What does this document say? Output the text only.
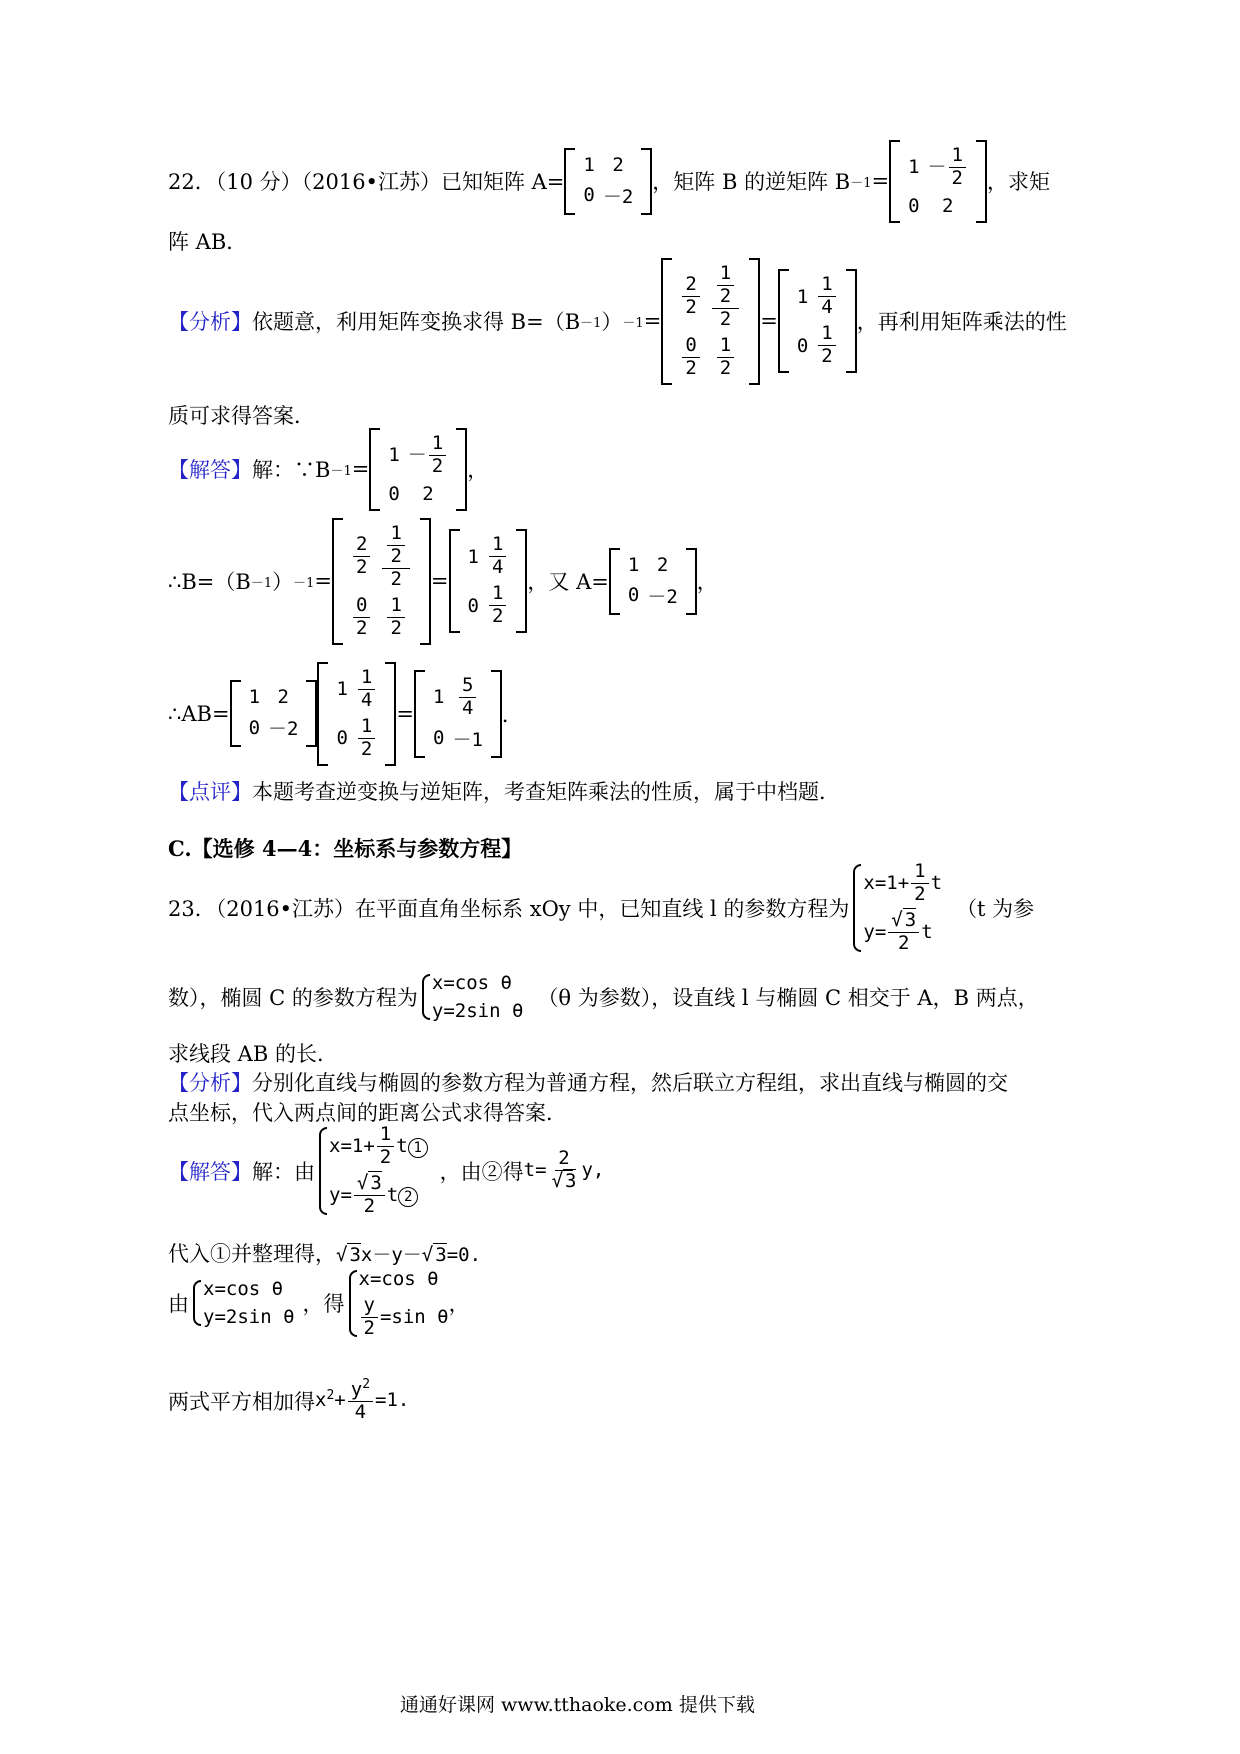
22．（10 分）（2016•江苏）已知矩阵 A=
1 2
0 －2
，矩阵 B 的逆矩阵 B －1 =
$1 - \frac{1}{2}$
0 2
，求矩
阵 AB．
【分析】 依题意，利用矩阵变换求得 B=（B －1 ） －1 =
$\frac{2}{2} \frac{\frac{1}{2}}{2}$
$\frac{0}{2} \frac{1}{2}$
=
$1 \frac{1}{4}$
$0 \frac{1}{2}$
，再利用矩阵乘法的性
质可求得答案．
【解答】 解：∵B －1 =
$1 - \frac{1}{2}$
0 2
，
∴B=（B －1 ） －1 =
$\frac{2}{2} \frac{\frac{1}{2}}{2}$
$\frac{0}{2} \frac{1}{2}$
=
$1 \frac{1}{4}$
$0 \frac{1}{2}$
，又 A=
1 2
0 －2
，
∴AB=
1 2
0 －2
$1 \frac{1}{4}$
$0 \frac{1}{2}$
=
$1 \frac{5}{4}$
0 －1
．
【点评】本题考查逆变换与逆矩阵，考查矩阵乘法的性质，属于中档题．
C.【选修 4—4：坐标系与参数方程】
23．（2016•江苏）在平面直角坐标系 xOy 中，已知直线 l 的参数方程为
$x=1+ \frac{1}{2}$ t
$y= \frac{√ 3}{2}$ t
（t 为参
数），椭圆 C 的参数方程为
x=cos θ
y=2sin θ
（θ 为参数），设直线 l 与椭圆 C 相交于 A，B 两点，
求线段 AB 的长．
【分析】分别化直线与椭圆的参数方程为普通方程，然后联立方程组，求出直线与椭圆的交
点坐标，代入两点间的距离公式求得答案．
【解答】 解：由
$x=1+ \frac{1}{2}$ t 1
$y= \frac{√ 3}{2}$ t 2
，由②得 $t= \frac{2}{√ 3} y$,
代入①并整理得， √ 3x－y－√ 3=0.
由
x=cos θ
y=2sin θ
，得
x=cos θ
$\frac{y}{2} =\sin$ θ
，
两式平方相加得 $x^2+ \frac{y^2}{4} =1$.
通通好课网 www.tthaoke.com 提供下载
